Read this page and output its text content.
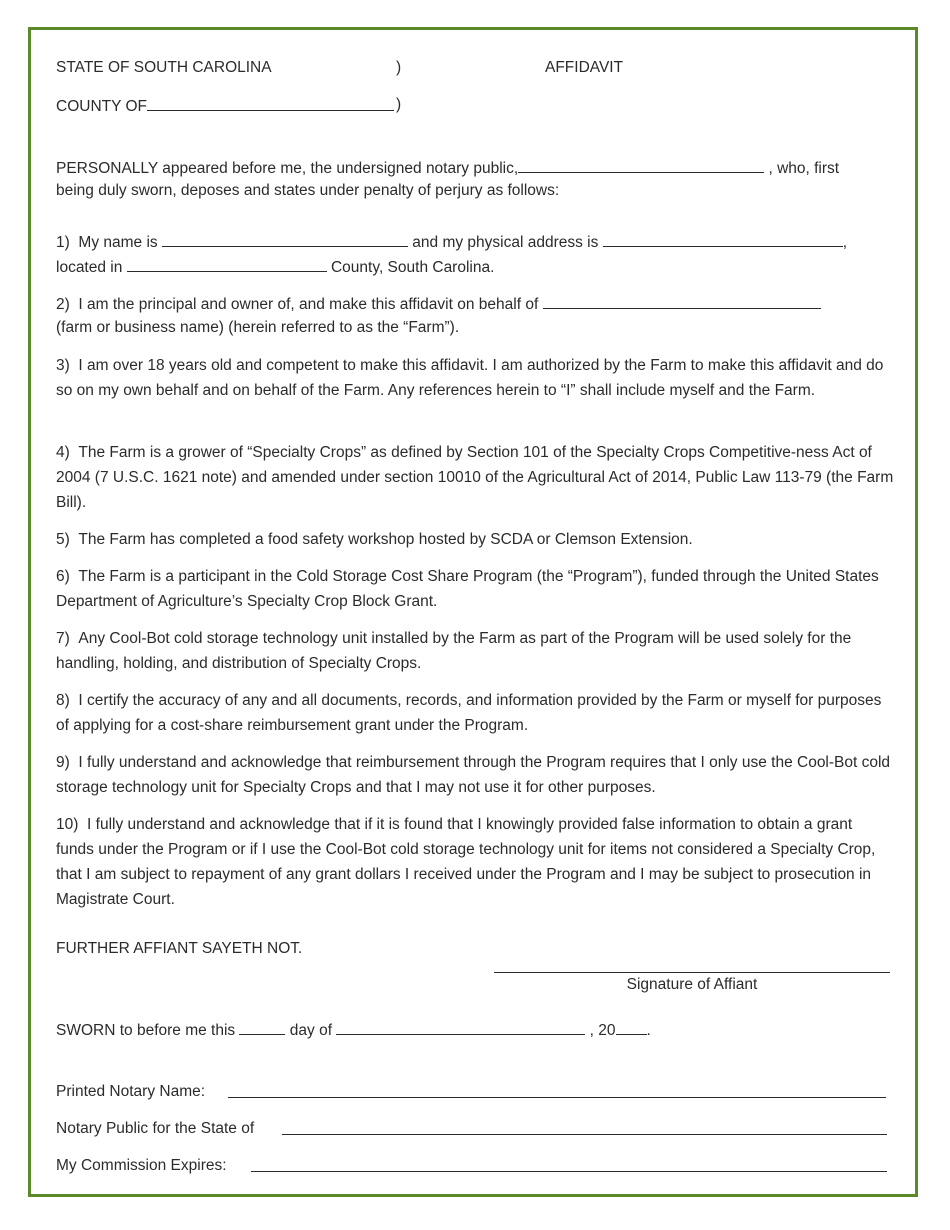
STATE OF SOUTH CAROLINA	)	AFFIDAVIT
COUNTY OF	)
PERSONALLY appeared before me, the undersigned notary public,	, who, first
being duly sworn, deposes and states under penalty of perjury as follows:
1) My name is	and my physical address is	,
located in	County, South Carolina.
2) I am the principal and owner of, and make this affidavit on behalf of
(farm or business name) (herein referred to as the “Farm”).
3) I am over 18 years old and competent to make this affidavit. I am authorized by the Farm to make this affidavit and do so on my own behalf and on behalf of the Farm. Any references herein to “I” shall include myself and the Farm.
4) The Farm is a grower of “Specialty Crops” as defined by Section 101 of the Specialty Crops Competitive-ness Act of 2004 (7 U.S.C. 1621 note) and amended under section 10010 of the Agricultural Act of 2014, Public Law 113-79 (the Farm Bill).
5) The Farm has completed a food safety workshop hosted by SCDA or Clemson Extension.
6) The Farm is a participant in the Cold Storage Cost Share Program (the “Program”), funded through the United States Department of Agriculture’s Specialty Crop Block Grant.
7) Any Cool-Bot cold storage technology unit installed by the Farm as part of the Program will be used solely for the handling, holding, and distribution of Specialty Crops.
8) I certify the accuracy of any and all documents, records, and information provided by the Farm or myself for purposes of applying for a cost-share reimbursement grant under the Program.
9) I fully understand and acknowledge that reimbursement through the Program requires that I only use the Cool-Bot cold storage technology unit for Specialty Crops and that I may not use it for other purposes.
10) I fully understand and acknowledge that if it is found that I knowingly provided false information to obtain a grant funds under the Program or if I use the Cool-Bot cold storage technology unit for items not considered a Specialty Crop, that I am subject to repayment of any grant dollars I received under the Program and I may be subject to prosecution in Magistrate Court.
FURTHER AFFIANT SAYETH NOT.
Signature of Affiant
SWORN to before me this	day of	, 20 .
Printed Notary Name:
Notary Public for the State of
My Commission Expires:
